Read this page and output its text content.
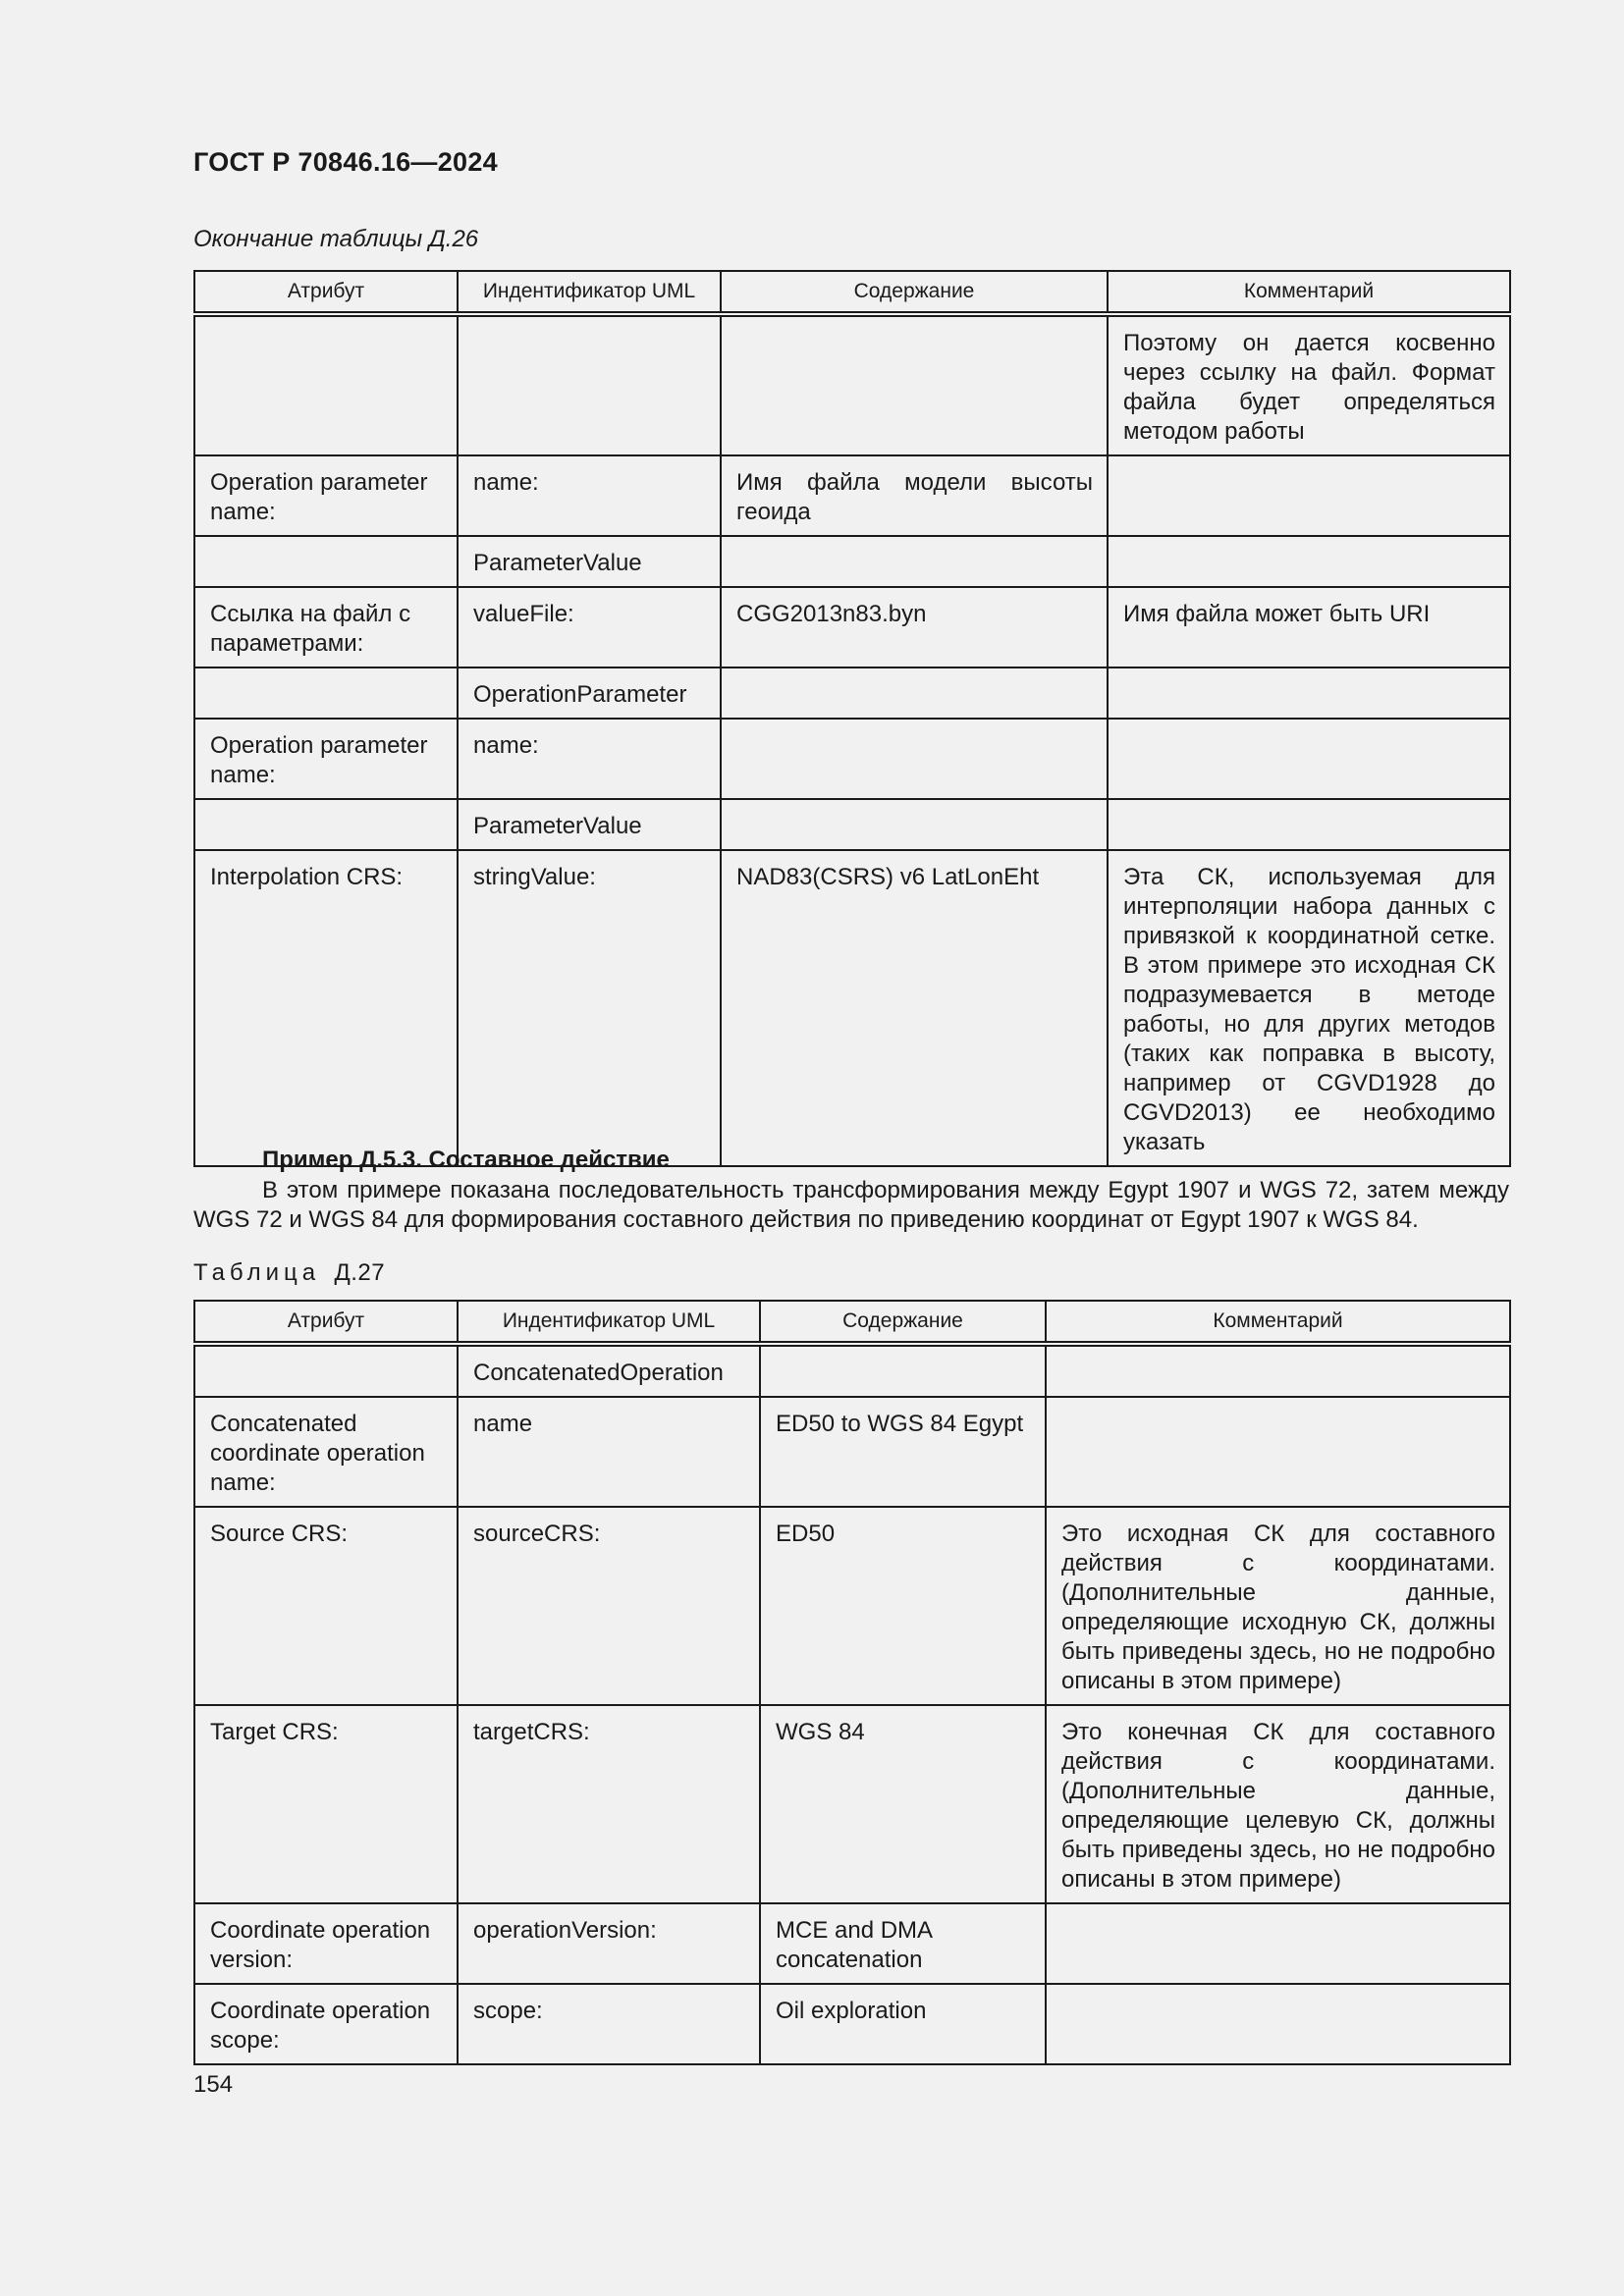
ГОСТ Р 70846.16—2024
Окончание таблицы Д.26
Атрибут	Индентификатор UML	Содержание	Комментарий
			Поэтому он дается косвенно через ссылку на файл. Формат файла будет определяться методом работы
Operation parameter name:	name:	Имя файла модели высоты геоида	
	ParameterValue		
Ссылка на файл с параметрами:	valueFile:	CGG2013n83.byn	Имя файла может быть URI
	OperationParameter		
Operation parameter name:	name:		
	ParameterValue		
Interpolation CRS:	stringValue:	NAD83(CSRS) v6 LatLonEht	Эта СК, используемая для интерполяции набора данных с привязкой к координатной сетке. В этом примере это исходная СК подразумевается в методе работы, но для других методов (таких как поправка в высоту, например от CGVD1928 до CGVD2013) ее необходимо указать
Пример Д.5.3. Составное действие
В этом примере показана последовательность трансформирования между Egypt 1907 и WGS 72, затем между WGS 72 и WGS 84 для формирования составного действия по приведению координат от Egypt 1907 к WGS 84.
Таблица Д.27
Атрибут	Индентификатор UML	Содержание	Комментарий
	ConcatenatedOperation		
Concatenated coordinate operation name:	name	ED50 to WGS 84 Egypt	
Source CRS:	sourceCRS:	ED50	Это исходная СК для составного действия с координатами. (Дополнительные данные, определяющие исходную СК, должны быть приведены здесь, но не подробно описаны в этом примере)
Target CRS:	targetCRS:	WGS 84	Это конечная СК для составного действия с координатами. (Дополнительные данные, определяющие целевую СК, должны быть приведены здесь, но не подробно описаны в этом примере)
Coordinate operation version:	operationVersion:	MCE and DMA concatenation	
Coordinate operation scope:	scope:	Oil exploration	
154
